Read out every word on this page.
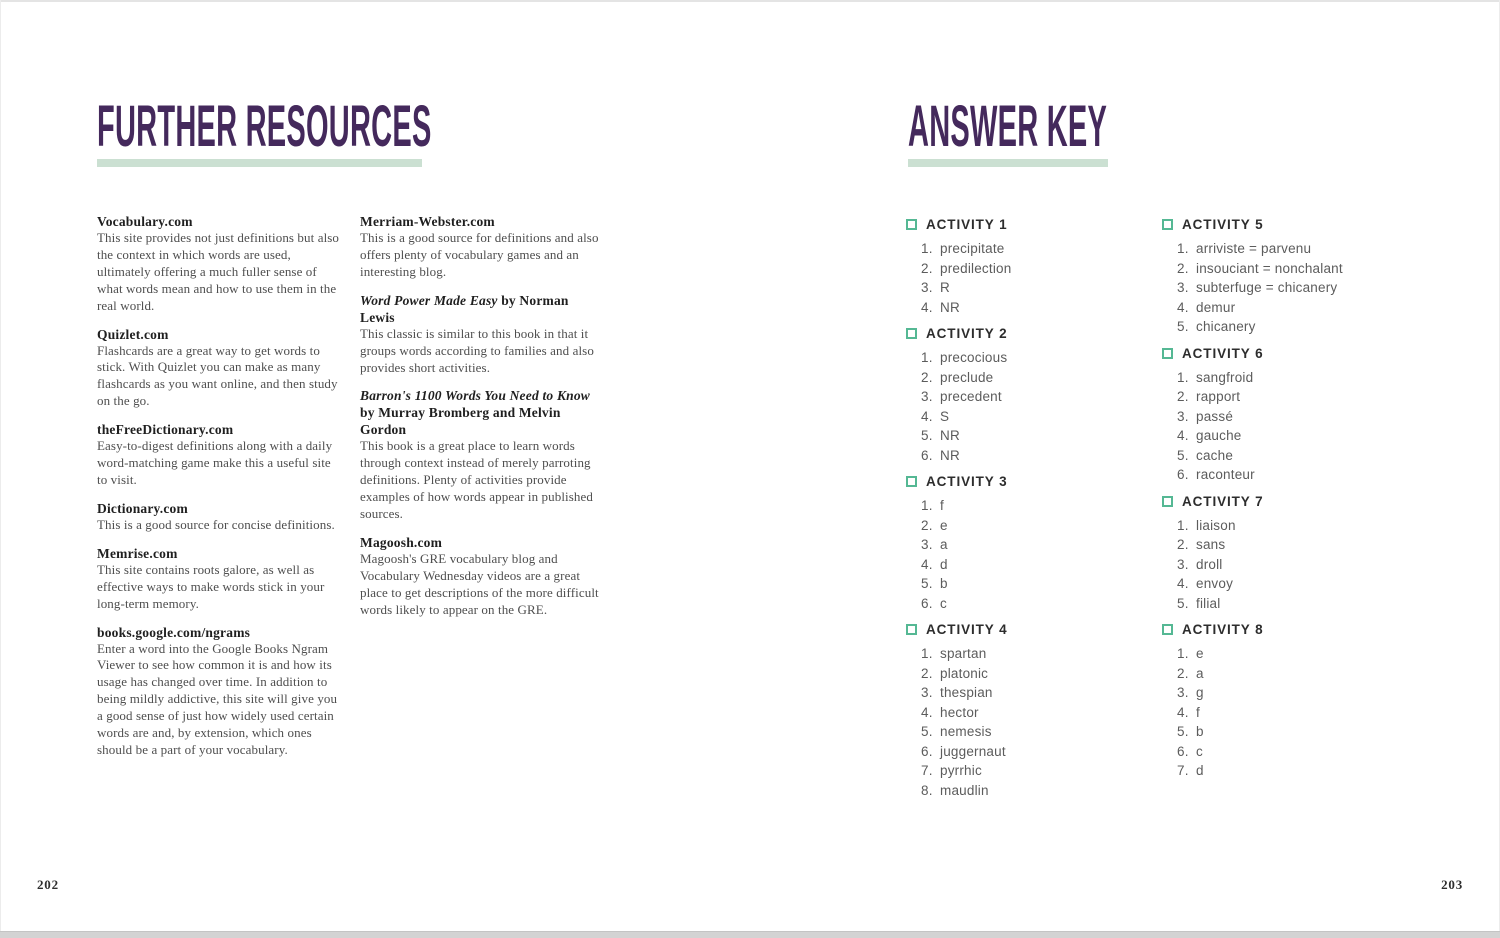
FURTHER RESOURCES
Vocabulary.com
This site provides not just definitions but also the context in which words are used, ultimately offering a much fuller sense of what words mean and how to use them in the real world.
Quizlet.com
Flashcards are a great way to get words to stick. With Quizlet you can make as many flashcards as you want online, and then study on the go.
theFreeDictionary.com
Easy-to-digest definitions along with a daily word-matching game make this a useful site to visit.
Dictionary.com
This is a good source for concise definitions.
Memrise.com
This site contains roots galore, as well as effective ways to make words stick in your long-term memory.
books.google.com/ngrams
Enter a word into the Google Books Ngram Viewer to see how common it is and how its usage has changed over time. In addition to being mildly addictive, this site will give you a good sense of just how widely used certain words are and, by extension, which ones should be a part of your vocabulary.
Merriam-Webster.com
This is a good source for definitions and also offers plenty of vocabulary games and an interesting blog.
Word Power Made Easy by Norman Lewis
This classic is similar to this book in that it groups words according to families and also provides short activities.
Barron's 1100 Words You Need to Know
by Murray Bromberg and Melvin Gordon
This book is a great place to learn words through context instead of merely parroting definitions. Plenty of activities provide examples of how words appear in published sources.
Magoosh.com
Magoosh's GRE vocabulary blog and Vocabulary Wednesday videos are a great place to get descriptions of the more difficult words likely to appear on the GRE.
202
ANSWER KEY
ACTIVITY 1
1. precipitate
2. predilection
3. R
4. NR
ACTIVITY 2
1. precocious
2. preclude
3. precedent
4. S
5. NR
6. NR
ACTIVITY 3
1. f
2. e
3. a
4. d
5. b
6. c
ACTIVITY 4
1. spartan
2. platonic
3. thespian
4. hector
5. nemesis
6. juggernaut
7. pyrrhic
8. maudlin
ACTIVITY 5
1. arriviste = parvenu
2. insouciant = nonchalant
3. subterfuge = chicanery
4. demur
5. chicanery
ACTIVITY 6
1. sangfroid
2. rapport
3. passé
4. gauche
5. cache
6. raconteur
ACTIVITY 7
1. liaison
2. sans
3. droll
4. envoy
5. filial
ACTIVITY 8
1. e
2. a
3. g
4. f
5. b
6. c
7. d
203
